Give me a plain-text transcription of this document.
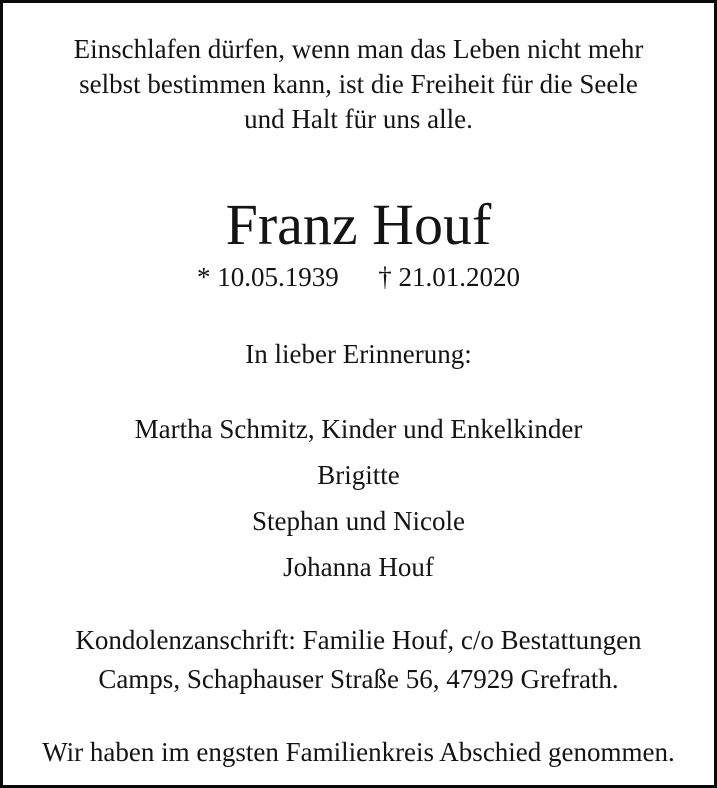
Einschlafen dürfen, wenn man das Leben nicht mehr
selbst bestimmen kann, ist die Freiheit für die Seele
und Halt für uns alle.
Franz Houf
* 10.05.1939 † 21.01.2020
In lieber Erinnerung:
Martha Schmitz, Kinder und Enkelkinder
Brigitte
Stephan und Nicole
Johanna Houf
Kondolenzanschrift: Familie Houf, c/o Bestattungen
Camps, Schaphauser Straße 56, 47929 Grefrath.
Wir haben im engsten Familienkreis Abschied genommen.
